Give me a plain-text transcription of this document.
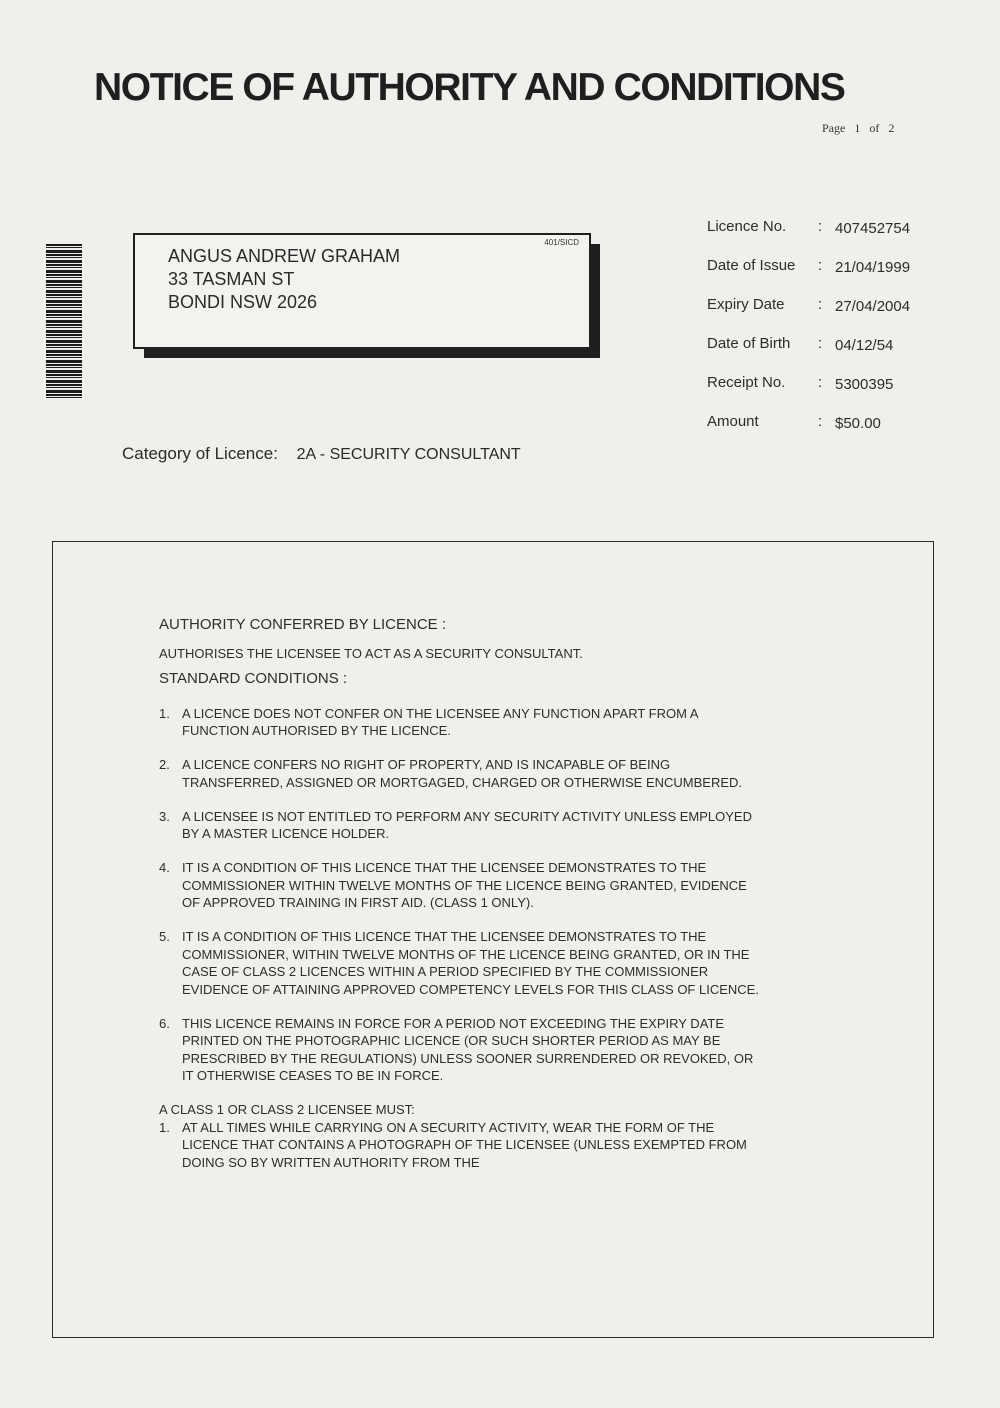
NOTICE OF AUTHORITY AND CONDITIONS
Page 1 of 2
401/SICD
ANGUS ANDREW GRAHAM
33 TASMAN ST
BONDI NSW 2026
Licence No. : 407452754
Date of Issue : 21/04/1999
Expiry Date : 27/04/2004
Date of Birth : 04/12/54
Receipt No. : 5300395
Amount	: $50.00
Category of Licence: 2A - SECURITY CONSULTANT

AUTHORITY CONFERRED BY LICENCE :

AUTHORISES THE LICENSEE TO ACT AS A SECURITY CONSULTANT.

STANDARD CONDITIONS :

1. A LICENCE DOES NOT CONFER ON THE LICENSEE ANY FUNCTION APART FROM A FUNCTION AUTHORISED BY THE LICENCE.
2. A LICENCE CONFERS NO RIGHT OF PROPERTY, AND IS INCAPABLE OF BEING TRANSFERRED, ASSIGNED OR MORTGAGED, CHARGED OR OTHERWISE ENCUMBERED.
3. A LICENSEE IS NOT ENTITLED TO PERFORM ANY SECURITY ACTIVITY UNLESS EMPLOYED BY A MASTER LICENCE HOLDER.
4. IT IS A CONDITION OF THIS LICENCE THAT THE LICENSEE DEMONSTRATES TO THE COMMISSIONER WITHIN TWELVE MONTHS OF THE LICENCE BEING GRANTED, EVIDENCE OF APPROVED TRAINING IN FIRST AID. (CLASS 1 ONLY).
5. IT IS A CONDITION OF THIS LICENCE THAT THE LICENSEE DEMONSTRATES TO THE COMMISSIONER, WITHIN TWELVE MONTHS OF THE LICENCE BEING GRANTED, OR IN THE CASE OF CLASS 2 LICENCES WITHIN A PERIOD SPECIFIED BY THE COMMISSIONER EVIDENCE OF ATTAINING APPROVED COMPETENCY LEVELS FOR THIS CLASS OF LICENCE.
6. THIS LICENCE REMAINS IN FORCE FOR A PERIOD NOT EXCEEDING THE EXPIRY DATE PRINTED ON THE PHOTOGRAPHIC LICENCE (OR SUCH SHORTER PERIOD AS MAY BE PRESCRIBED BY THE REGULATIONS) UNLESS SOONER SURRENDERED OR REVOKED, OR IT OTHERWISE CEASES TO BE IN FORCE.

A CLASS 1 OR CLASS 2 LICENSEE MUST:

1. AT ALL TIMES WHILE CARRYING ON A SECURITY ACTIVITY, WEAR THE FORM OF THE LICENCE THAT CONTAINS A PHOTOGRAPH OF THE LICENSEE (UNLESS EXEMPTED FROM DOING SO BY WRITTEN AUTHORITY FROM THE
